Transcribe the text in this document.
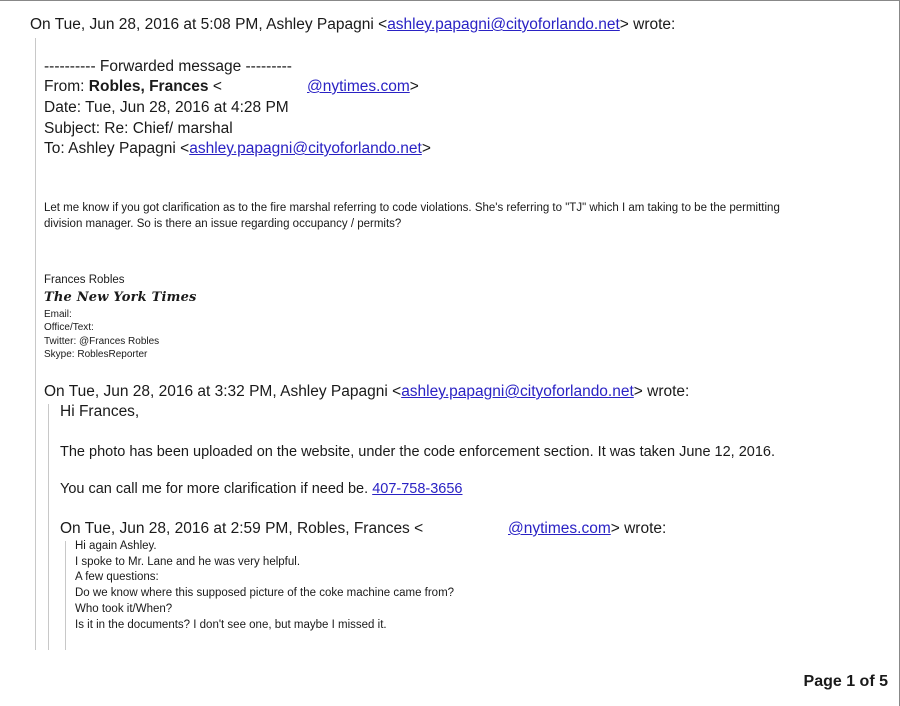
On Tue, Jun 28, 2016 at 5:08 PM, Ashley Papagni <ashley.papagni@cityoforlando.net> wrote:
---------- Forwarded message ---------
From: Robles, Frances <	@nytimes.com>
Date: Tue, Jun 28, 2016 at 4:28 PM
Subject: Re: Chief/ marshal
To: Ashley Papagni <ashley.papagni@cityoforlando.net>
Let me know if you got clarification as to the fire marshal referring to code violations. She's referring to "TJ" which I am taking to be the permitting
division manager. So is there an issue regarding occupancy / permits?
Frances Robles
The New York Times
Email:
Office/Text:
Twitter: @Frances Robles
Skype: RoblesReporter
On Tue, Jun 28, 2016 at 3:32 PM, Ashley Papagni <ashley.papagni@cityoforlando.net> wrote:
Hi Frances,
The photo has been uploaded on the website, under the code enforcement section. It was taken June 12, 2016.
You can call me for more clarification if need be. 407-758-3656
On Tue, Jun 28, 2016 at 2:59 PM, Robles, Frances <	@nytimes.com> wrote:
Hi again Ashley.
I spoke to Mr. Lane and he was very helpful.
A few questions:
Do we know where this supposed picture of the coke machine came from?
Who took it/When?
Is it in the documents? I don't see one, but maybe I missed it.
Page 1 of 5
